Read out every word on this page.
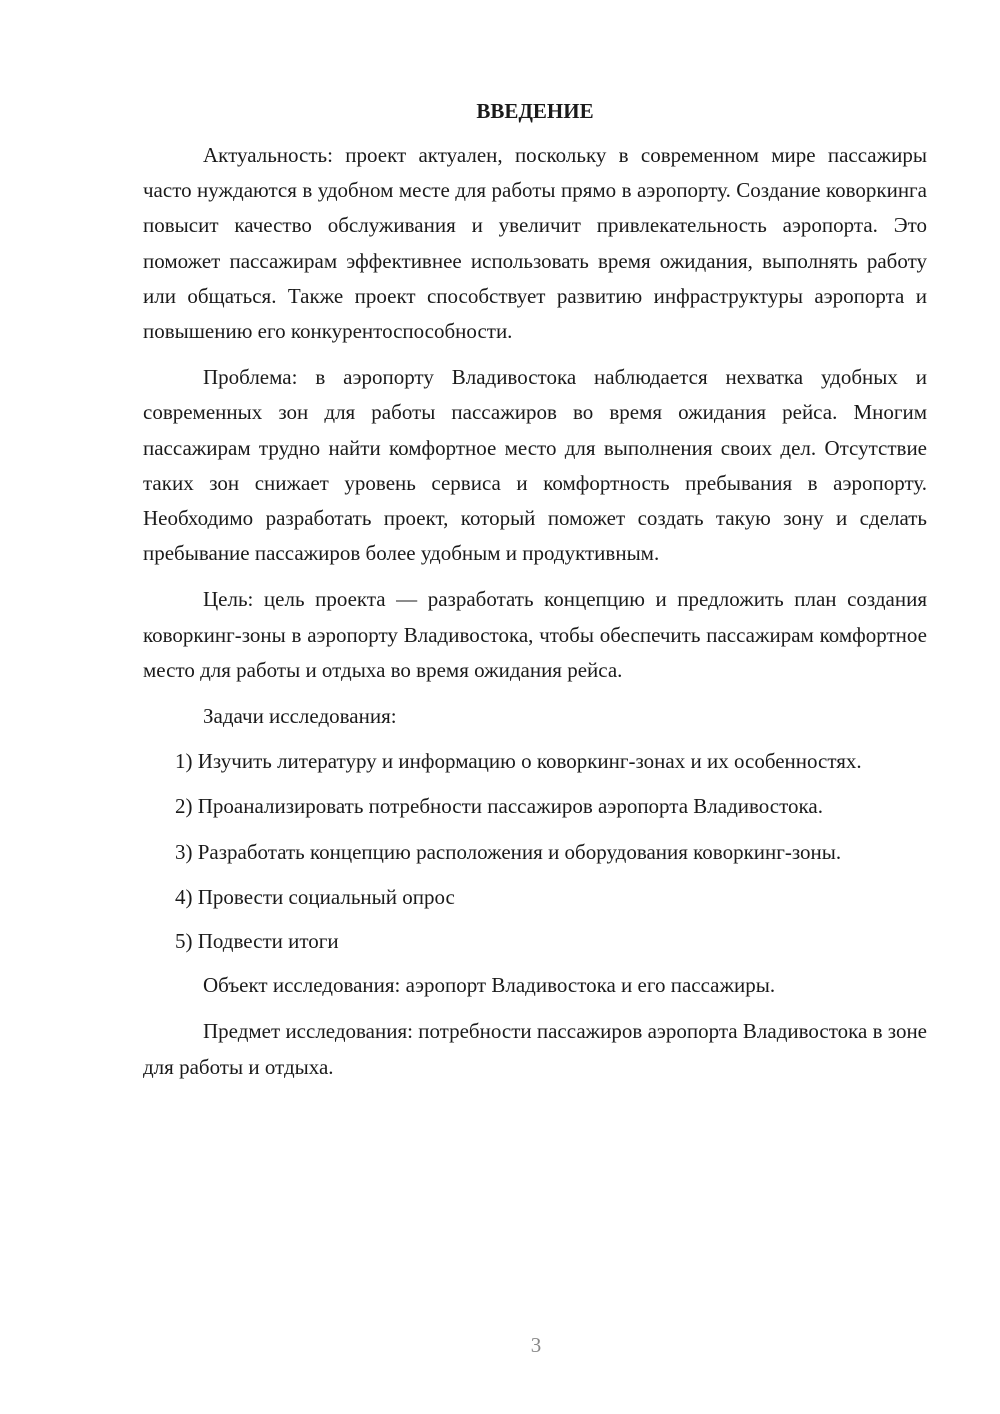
ВВЕДЕНИЕ

Актуальность: проект актуален, поскольку в современном мире пассажиры часто нуждаются в удобном месте для работы прямо в аэропорту. Создание коворкинга повысит качество обслуживания и увеличит привлекательность аэропорта. Это поможет пассажирам эффективнее использовать время ожидания, выполнять работу или общаться. Также проект способствует развитию инфраструктуры аэропорта и повышению его конкурентоспособности.

Проблема: в аэропорту Владивостока наблюдается нехватка удобных и современных зон для работы пассажиров во время ожидания рейса. Многим пассажирам трудно найти комфортное место для выполнения своих дел. Отсутствие таких зон снижает уровень сервиса и комфортность пребывания в аэропорту. Необходимо разработать проект, который поможет создать такую зону и сделать пребывание пассажиров более удобным и продуктивным.

Цель: цель проекта — разработать концепцию и предложить план создания коворкинг-зоны в аэропорту Владивостока, чтобы обеспечить пассажирам комфортное место для работы и отдыха во время ожидания рейса.

Задачи исследования:

1) Изучить литературу и информацию о коворкинг-зонах и их особенностях.

2) Проанализировать потребности пассажиров аэропорта Владивостока.

3) Разработать концепцию расположения и оборудования коворкинг-зоны.

4) Провести социальный опрос

5) Подвести итоги

Объект исследования: аэропорт Владивостока и его пассажиры.

Предмет исследования: потребности пассажиров аэропорта Владивостока в зоне для работы и отдыха.

3
